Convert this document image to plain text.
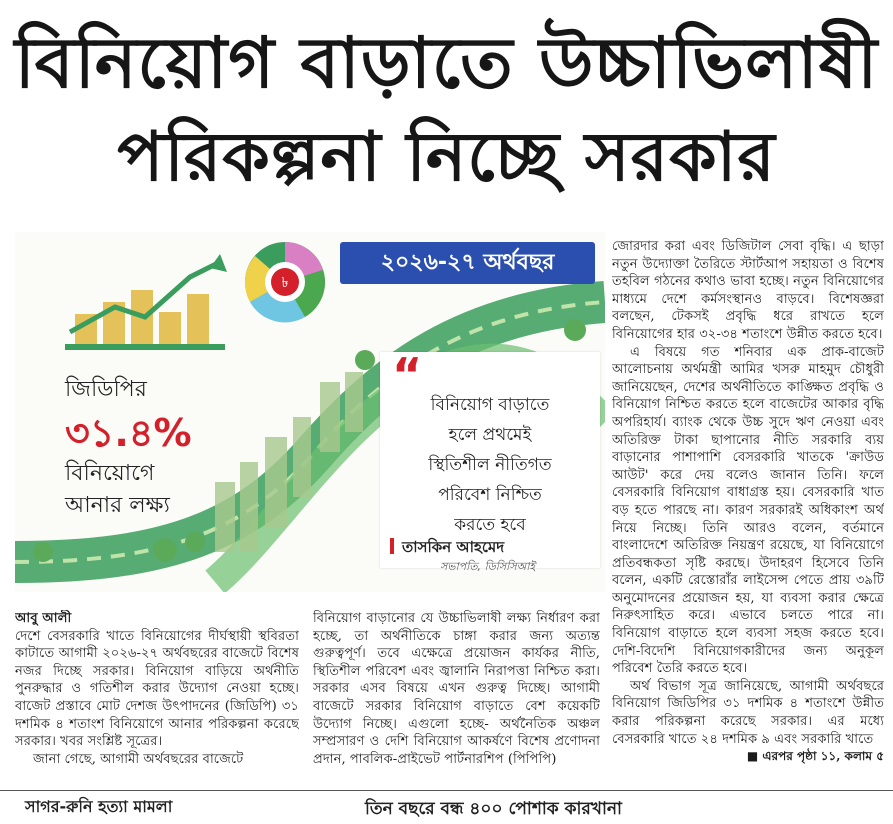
বিনিয়োগ বাড়াতে উচ্চাভিলাষী
পরিকল্পনা নিচ্ছে সরকার
৳
২০২৬-২৭ অর্থবছর
জিডিপির
৩১.৪%
বিনিয়োগে
আনার লক্ষ্য
“
বিনিয়োগ বাড়াতে
হলে প্রথমেই
স্থিতিশীল নীতিগত
পরিবেশ নিশ্চিত
করতে হবে
তাসকিন আহমেদ
সভাপতি, ডিসিসিআই

আবু আলী

দেশে বেসরকারি খাতে বিনিয়োগের দীর্ঘস্থায়ী স্থবিরতা কাটাতে আগামী ২০২৬-২৭ অর্থবছরের বাজেটে বিশেষ নজর দিচ্ছে সরকার। বিনিয়োগ বাড়িয়ে অর্থনীতি পুনরুদ্ধার ও গতিশীল করার উদ্যোগ নেওয়া হচ্ছে। বাজেট প্রস্তাবে মোট দেশজ উৎপাদনের (জিডিপি) ৩১ দশমিক ৪ শতাংশ বিনিয়োগে আনার পরিকল্পনা করেছে সরকার। খবর সংশ্লিষ্ট সূত্রের।

জানা গেছে, আগামী অর্থবছরের বাজেটে

বিনিয়োগ বাড়ানোর যে উচ্চাভিলাষী লক্ষ্য নির্ধারণ করা হচ্ছে, তা অর্থনীতিকে চাঙ্গা করার জন্য অত্যন্ত গুরুত্বপূর্ণ। তবে এক্ষেত্রে প্রয়োজন কার্যকর নীতি, স্থিতিশীল পরিবেশ এবং জ্বালানি নিরাপত্তা নিশ্চিত করা। সরকার এসব বিষয়ে এখন গুরুত্ব দিচ্ছে। আগামী বাজেটে সরকার বিনিয়োগ বাড়াতে বেশ কয়েকটি উদ্যোগ নিচ্ছে। এগুলো হচ্ছে- অর্থনৈতিক অঞ্চল সম্প্রসারণ ও দেশি বিনিয়োগ আকর্ষণে বিশেষ প্রণোদনা প্রদান, পাবলিক-প্রাইভেট পার্টনারশিপ (পিপিপি)

জোরদার করা এবং ডিজিটাল সেবা বৃদ্ধি। এ ছাড়া নতুন উদ্যোক্তা তৈরিতে স্টার্টআপ সহায়তা ও বিশেষ তহবিল গঠনের কথাও ভাবা হচ্ছে। নতুন বিনিয়োগের মাধ্যমে দেশে কর্মসংস্থানও বাড়বে। বিশেষজ্ঞরা বলছেন, টেকসই প্রবৃদ্ধি ধরে রাখতে হলে বিনিয়োগের হার ৩২-৩৪ শতাংশে উন্নীত করতে হবে।

এ বিষয়ে গত শনিবার এক প্রাক-বাজেট আলোচনায় অর্থমন্ত্রী আমির খসরু মাহমুদ চৌধুরী জানিয়েছেন, দেশের অর্থনীতিতে কাঙ্ক্ষিত প্রবৃদ্ধি ও বিনিয়োগ নিশ্চিত করতে হলে বাজেটের আকার বৃদ্ধি অপরিহার্য। ব্যাংক থেকে উচ্চ সুদে ঋণ নেওয়া এবং অতিরিক্ত টাকা ছাপানোর নীতি সরকারি ব্যয় বাড়ানোর পাশাপাশি বেসরকারি খাতকে 'ক্রাউড আউট' করে দেয় বলেও জানান তিনি। ফলে বেসরকারি বিনিয়োগ বাধাগ্রস্ত হয়। বেসরকারি খাত বড় হতে পারছে না। কারণ সরকারই অধিকাংশ অর্থ নিয়ে নিচ্ছে। তিনি আরও বলেন, বর্তমানে বাংলাদেশে অতিরিক্ত নিয়ন্ত্রণ রয়েছে, যা বিনিয়োগে প্রতিবন্ধকতা সৃষ্টি করছে। উদাহরণ হিসেবে তিনি বলেন, একটি রেস্তোরাঁর লাইসেন্স পেতে প্রায় ৩৯টি অনুমোদনের প্রয়োজন হয়, যা ব্যবসা করার ক্ষেত্রে নিরুৎসাহিত করে। এভাবে চলতে পারে না। বিনিয়োগ বাড়াতে হলে ব্যবসা সহজ করতে হবে। দেশি-বিদেশি বিনিয়োগকারীদের জন্য অনুকূল পরিবেশ তৈরি করতে হবে।

অর্থ বিভাগ সূত্র জানিয়েছে, আগামী অর্থবছরে বিনিয়োগ জিডিপির ৩১ দশমিক ৪ শতাংশে উন্নীত করার পরিকল্পনা করেছে সরকার। এর মধ্যে বেসরকারি খাতে ২৪ দশমিক ৯ এবং সরকারি খাতে

■ এরপর পৃষ্ঠা ১১, কলাম ৫

সাগর-রুনি হত্যা মামলা	তিন বছরে বন্ধ ৪০০ পোশাক কারখানা
